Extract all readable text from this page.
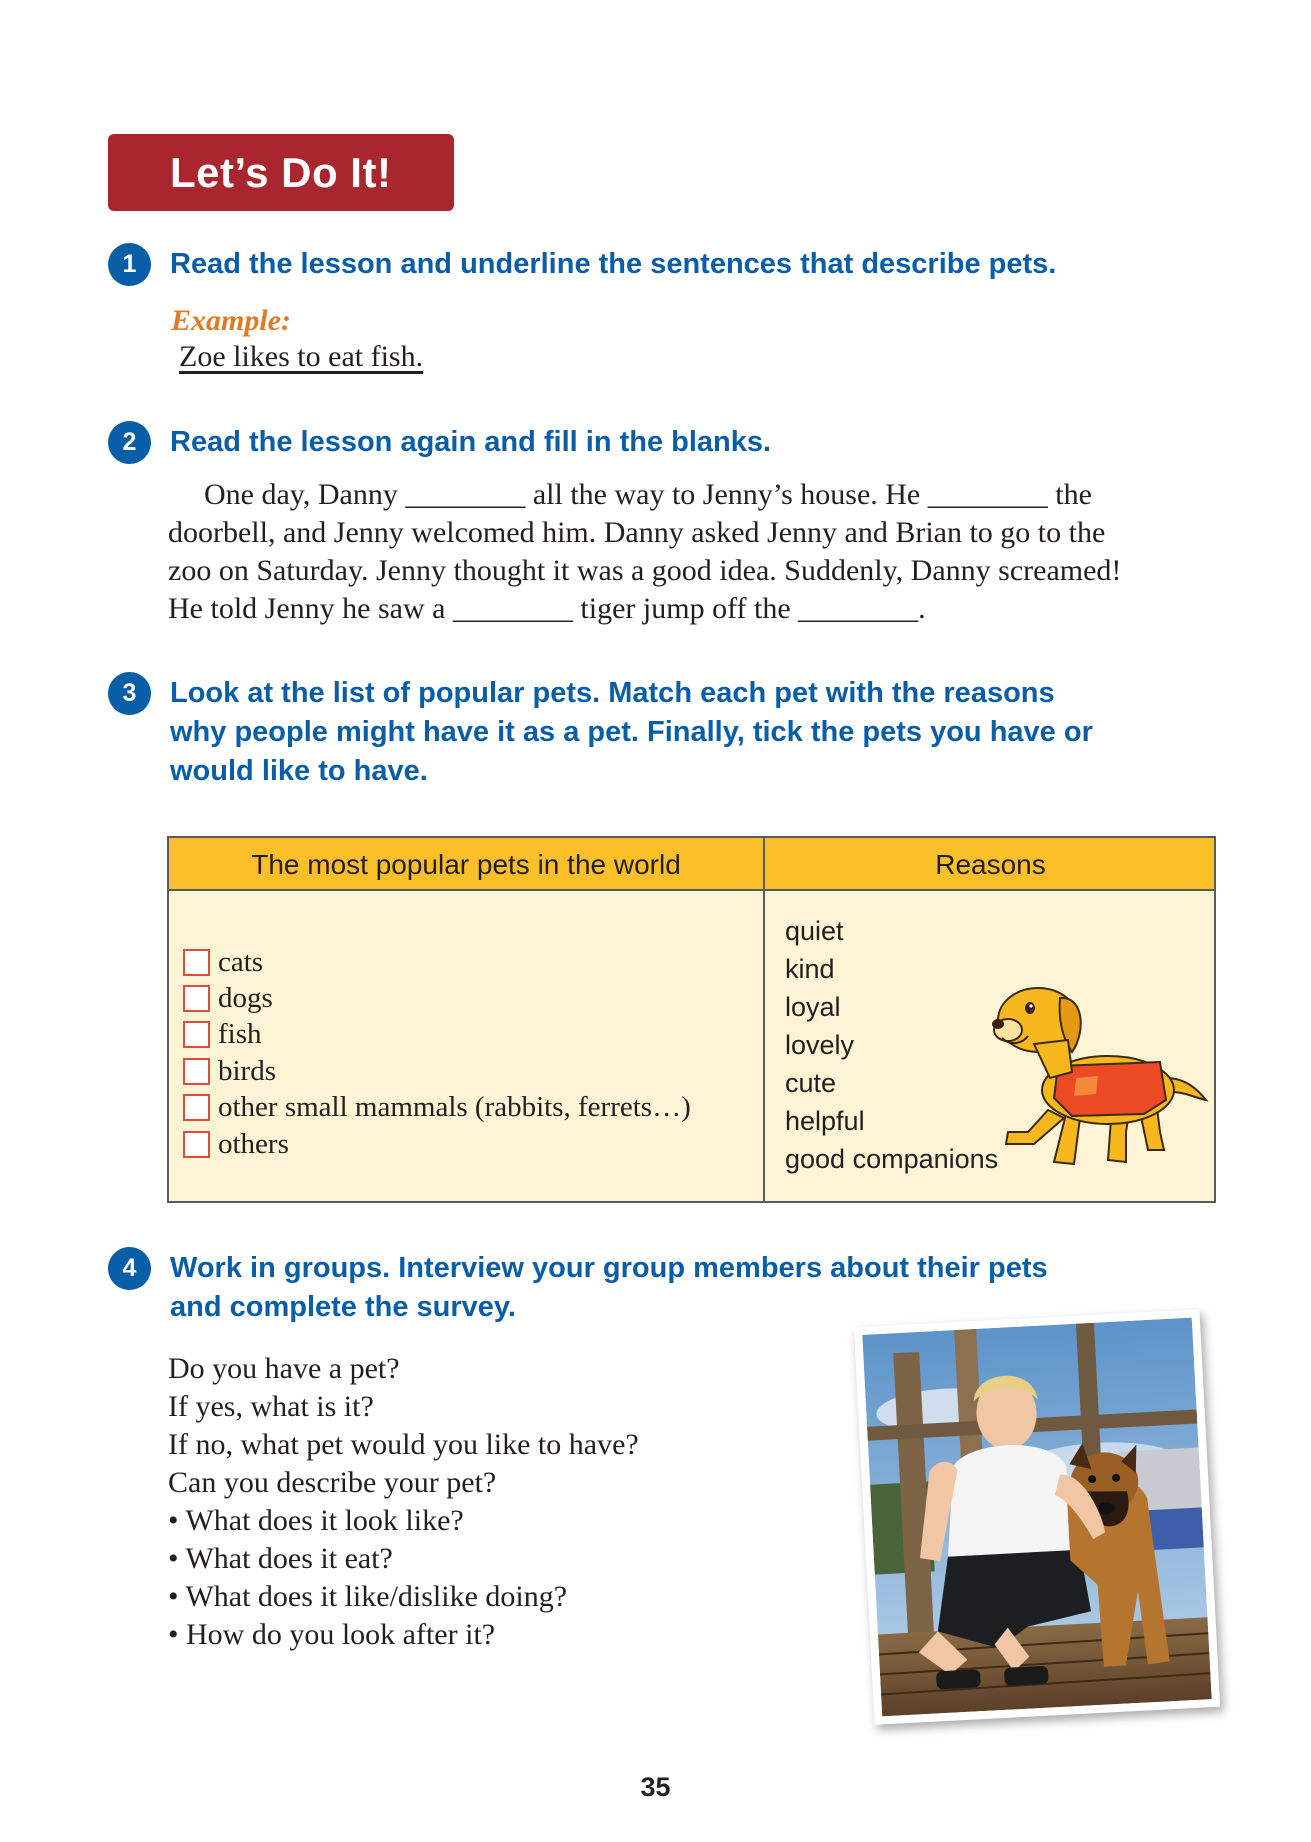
Let’s Do It!
1	Read the lesson and underline the sentences that describe pets.
Example:
Zoe likes to eat fish.
2	Read the lesson again and fill in the blanks.

One day, Danny ________ all the way to Jenny’s house. He ________ the

doorbell, and Jenny welcomed him. Danny asked Jenny and Brian to go to the

zoo on Saturday. Jenny thought it was a good idea. Suddenly, Danny screamed!

He told Jenny he saw a ________ tiger jump off the ________.

3	Look at the list of popular pets. Match each pet with the reasons
why people might have it as a pet. Finally, tick the pets you have or
would like to have.
The most popular pets in the world	Reasons
cats
dogs
fish
birds
other small mammals (rabbits, ferrets…)
others
quiet
kind
loyal
lovely
cute
helpful
good companions
4	Work in groups. Interview your group members about their pets
and complete the survey.

Do you have a pet?

If yes, what is it?

If no, what pet would you like to have?

Can you describe your pet?

• What does it look like?

• What does it eat?

• What does it like/dislike doing?

• How do you look after it?

35
